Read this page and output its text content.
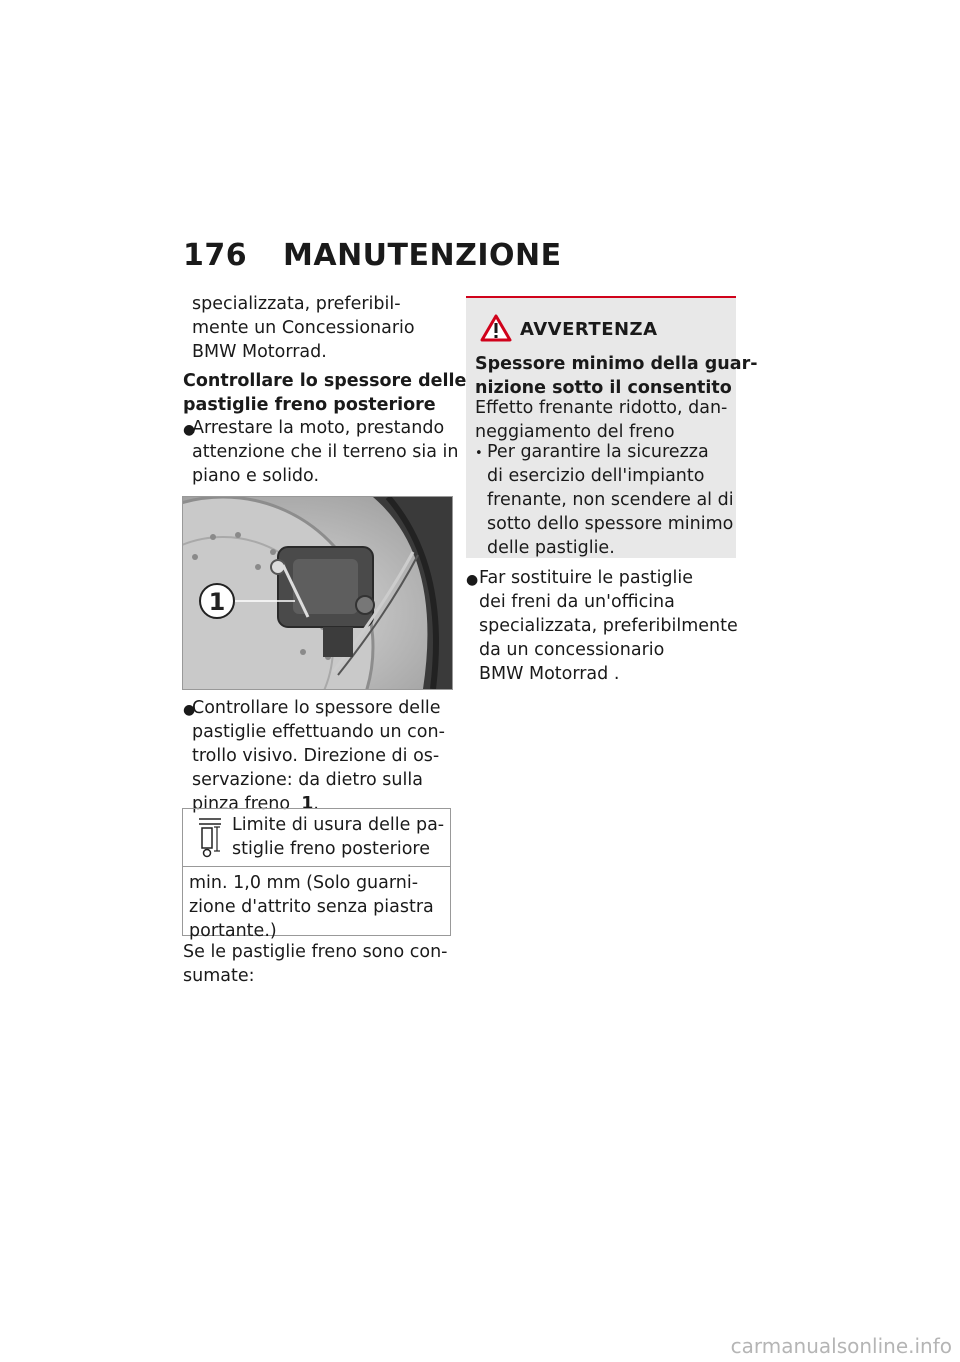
176 MANUTENZIONE
specializzata, preferibil-
mente un Concessionario
BMW Motorrad.
Controllare lo spessore delle
pastiglie freno posteriore
●
Arrestare la moto, prestando
attenzione che il terreno sia in
piano e solido.
●
Controllare lo spessore delle
pastiglie effettuando un con-
trollo visivo. Direzione di os-
servazione: da dietro sulla
pinza freno 1.
Se le pastiglie freno sono con-
sumate:
1
Limite di usura delle pa-
stiglie freno posteriore
min. 1,0 mm (Solo guarni-
zione d'attrito senza piastra
portante.)
AVVERTENZA
Spessore minimo della guar-
nizione sotto il consentito
Effetto frenante ridotto, dan-
neggiamento del freno
• Per garantire la sicurezza
di esercizio dell'impianto
frenante, non scendere al di
sotto dello spessore minimo
delle pastiglie.
● Far sostituire le pastiglie
dei freni da un'officina
specializzata, preferibilmente
da un concessionario
BMW Motorrad .
carmanualsonline.info
